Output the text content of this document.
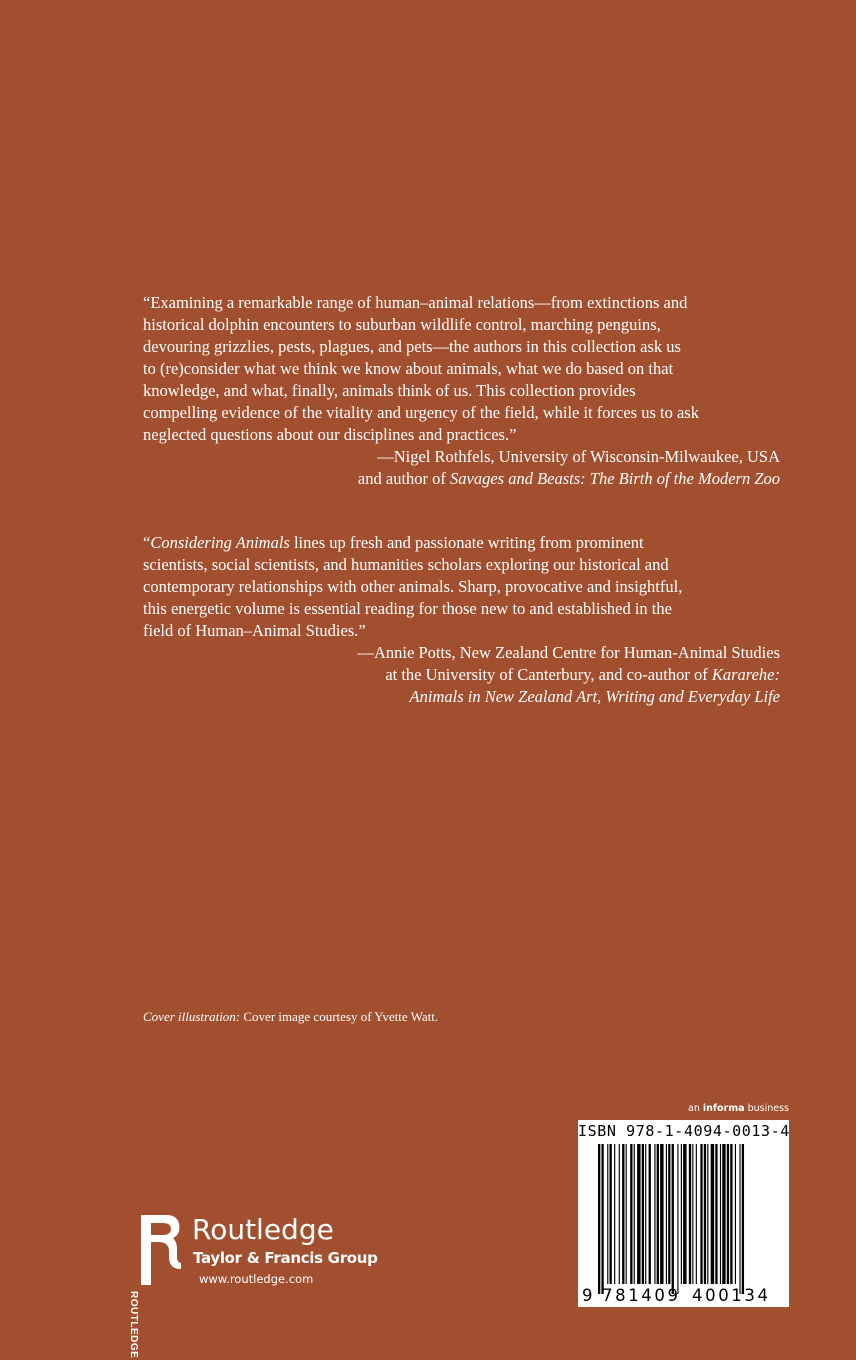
“Examining a remarkable range of human–animal relations—from extinctions and
historical dolphin encounters to suburban wildlife control, marching penguins,
devouring grizzlies, pests, plagues, and pets—the authors in this collection ask us
to (re)consider what we think we know about animals, what we do based on that
knowledge, and what, finally, animals think of us. This collection provides
compelling evidence of the vitality and urgency of the field, while it forces us to ask
neglected questions about our disciplines and practices.”
—Nigel Rothfels, University of Wisconsin-Milwaukee, USA
and author of Savages and Beasts: The Birth of the Modern Zoo
“Considering Animals lines up fresh and passionate writing from prominent
scientists, social scientists, and humanities scholars exploring our historical and
contemporary relationships with other animals. Sharp, provocative and insightful,
this energetic volume is essential reading for those new to and established in the
field of Human–Animal Studies.”
—Annie Potts, New Zealand Centre for Human-Animal Studies
at the University of Canterbury, and co-author of Kararehe:
Animals in New Zealand Art, Writing and Everyday Life
Cover illustration: Cover image courtesy of Yvette Watt.
ROUTLEDGE
Routledge
Taylor & Francis Group
www.routledge.com
an informa business
ISBN 978-1-4094-0013-4
9 781409 400134
